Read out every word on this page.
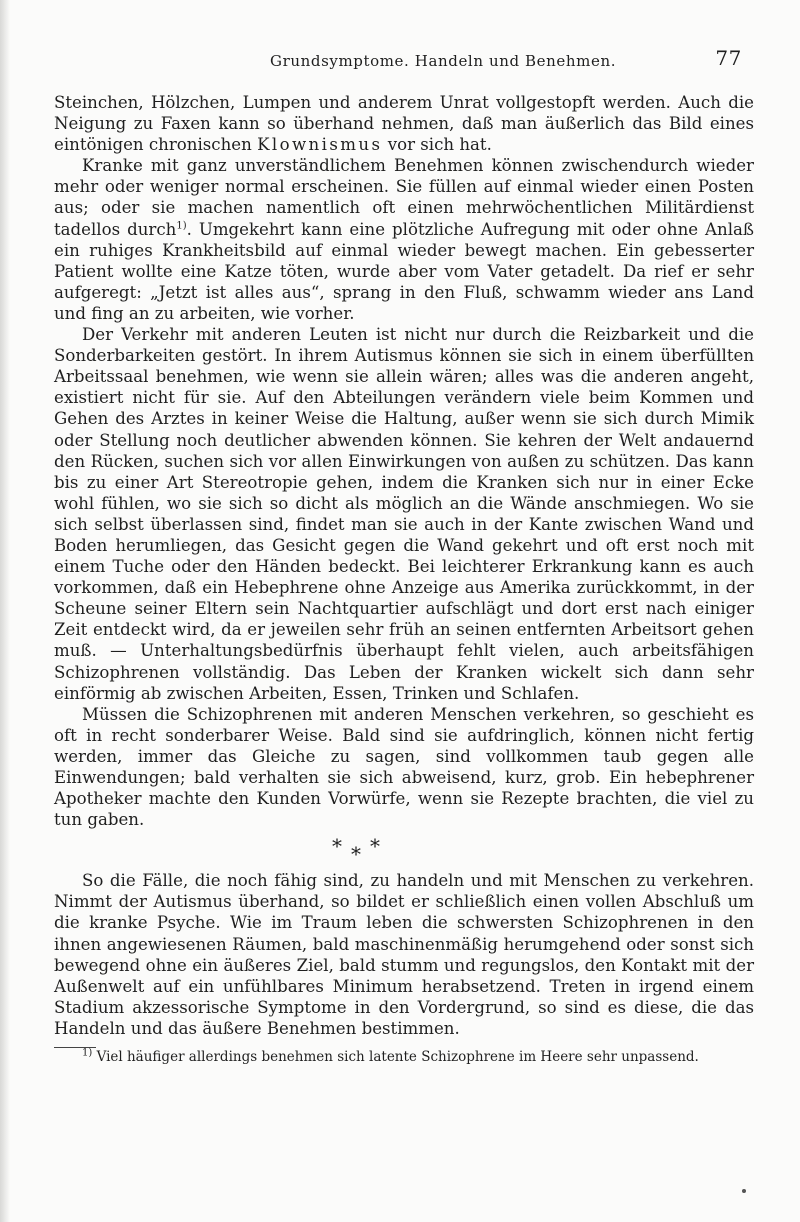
Grundsymptome. Handeln und Benehmen.	77

Steinchen, Hölzchen, Lumpen und anderem Unrat vollgestopft werden. Auch die Neigung zu Faxen kann so überhand nehmen, daß man äußerlich das Bild eines eintönigen chronischen Klownismus vor sich hat.

Kranke mit ganz unverständlichem Benehmen können zwischendurch wieder mehr oder weniger normal erscheinen. Sie füllen auf einmal wieder einen Posten aus; oder sie machen namentlich oft einen mehrwöchentlichen Militärdienst tadellos durch$^{1)}$. Umgekehrt kann eine plötzliche Aufregung mit oder ohne Anlaß ein ruhiges Krankheitsbild auf einmal wieder bewegt machen. Ein gebesserter Patient wollte eine Katze töten, wurde aber vom Vater getadelt. Da rief er sehr aufgeregt: „Jetzt ist alles aus“, sprang in den Fluß, schwamm wieder ans Land und fing an zu arbeiten, wie vorher.

Der Verkehr mit anderen Leuten ist nicht nur durch die Reizbarkeit und die Sonderbarkeiten gestört. In ihrem Autismus können sie sich in einem überfüllten Arbeitssaal benehmen, wie wenn sie allein wären; alles was die anderen angeht, existiert nicht für sie. Auf den Abteilungen verändern viele beim Kommen und Gehen des Arztes in keiner Weise die Haltung, außer wenn sie sich durch Mimik oder Stellung noch deutlicher abwenden können. Sie kehren der Welt andauernd den Rücken, suchen sich vor allen Einwirkungen von außen zu schützen. Das kann bis zu einer Art Stereotropie gehen, indem die Kranken sich nur in einer Ecke wohl fühlen, wo sie sich so dicht als möglich an die Wände anschmiegen. Wo sie sich selbst überlassen sind, findet man sie auch in der Kante zwischen Wand und Boden herumliegen, das Gesicht gegen die Wand gekehrt und oft erst noch mit einem Tuche oder den Händen bedeckt. Bei leichterer Erkrankung kann es auch vorkommen, daß ein Hebephrene ohne Anzeige aus Amerika zurückkommt, in der Scheune seiner Eltern sein Nachtquartier aufschlägt und dort erst nach einiger Zeit entdeckt wird, da er jeweilen sehr früh an seinen entfernten Arbeitsort gehen muß. — Unterhaltungsbedürfnis überhaupt fehlt vielen, auch arbeitsfähigen Schizophrenen vollständig. Das Leben der Kranken wickelt sich dann sehr einförmig ab zwischen Arbeiten, Essen, Trinken und Schlafen.

Müssen die Schizophrenen mit anderen Menschen verkehren, so geschieht es oft in recht sonderbarer Weise. Bald sind sie aufdringlich, können nicht fertig werden, immer das Gleiche zu sagen, sind vollkommen taub gegen alle Einwendungen; bald verhalten sie sich abweisend, kurz, grob. Ein hebephrener Apotheker machte den Kunden Vorwürfe, wenn sie Rezepte brachten, die viel zu tun gaben.

* * *

So die Fälle, die noch fähig sind, zu handeln und mit Menschen zu verkehren. Nimmt der Autismus überhand, so bildet er schließlich einen vollen Abschluß um die kranke Psyche. Wie im Traum leben die schwersten Schizophrenen in den ihnen angewiesenen Räumen, bald maschinenmäßig herumgehend oder sonst sich bewegend ohne ein äußeres Ziel, bald stumm und regungslos, den Kontakt mit der Außenwelt auf ein unfühlbares Minimum herabsetzend. Treten in irgend einem Stadium akzessorische Symptome in den Vordergrund, so sind es diese, die das Handeln und das äußere Benehmen bestimmen.

$^{1)}$ Viel häufiger allerdings benehmen sich latente Schizophrene im Heere sehr unpassend.
